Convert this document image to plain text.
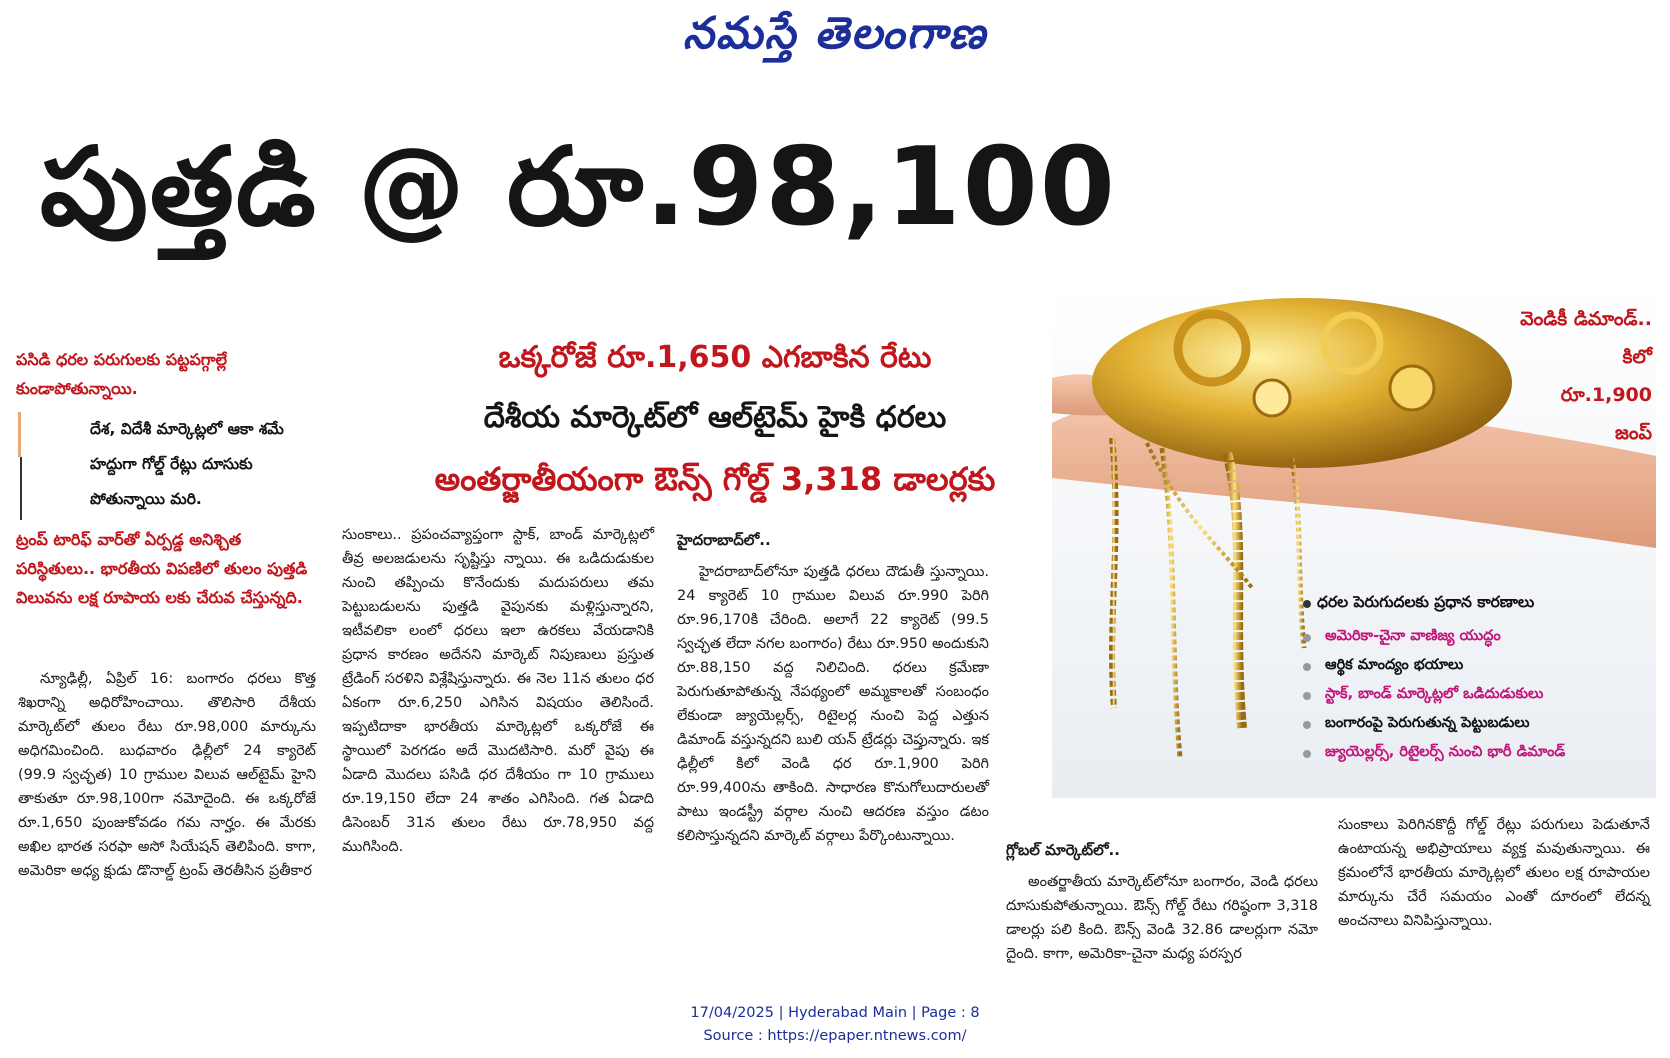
నమస్తే తెలంగాణ
పుత్తడి @ రూ.98,100
ఒక్కరోజే రూ.1,650 ఎగబాకిన రేటు
దేశీయ మార్కెట్‌లో ఆల్‌టైమ్ హైకి ధరలు
అంతర్జాతీయంగా ఔన్స్ గోల్డ్ 3,318 డాలర్లకు
పసిడి ధరల పరుగులకు పట్టపగ్గాల్లే కుండాపోతున్నాయి.
దేశ, విదేశీ మార్కెట్లలో ఆకా శమే హద్దుగా గోల్డ్ రేట్లు దూసుకు పోతున్నాయి మరి.
ట్రంప్ టారిఫ్ వార్‌తో ఏర్పడ్డ అనిశ్చిత పరిస్థితులు.. భారతీయ విపణిలో తులం పుత్తడి విలువను లక్ష రూపాయ లకు చేరువ చేస్తున్నది.

న్యూఢిల్లీ, ఏప్రిల్ 16: బంగారం ధరలు కొత్త శిఖరాన్ని అధిరోహించాయి. తొలిసారి దేశీయ మార్కెట్‌లో తులం రేటు రూ.98,000 మార్కును అధిగమించింది. బుధవారం ఢిల్లీలో 24 క్యారెట్ (99.9 స్వచ్ఛత) 10 గ్రాముల విలువ ఆల్‌టైమ్ హైని తాకుతూ రూ.98,100గా నమోదైంది. ఈ ఒక్కరోజే రూ.1,650 పుంజుకోవడం గమ నార్హం. ఈ మేరకు అఖిల భారత సరఫా అసో సియేషన్ తెలిపింది. కాగా, అమెరికా అధ్య క్షుడు డొనాల్డ్ ట్రంప్ తెరతీసిన ప్రతీకార

సుంకాలు.. ప్రపంచవ్యాప్తంగా స్టాక్, బాండ్ మార్కెట్లలో తీవ్ర అలజడులను సృష్టిస్తు న్నాయి. ఈ ఒడిదుడుకుల నుంచి తప్పించు కొనేందుకు మదుపరులు తమ పెట్టుబడులను పుత్తడి వైపునకు మళ్లిస్తున్నారని, ఇటీవలికా లంలో ధరలు ఇలా ఉరకలు వేయడానికి ప్రధాన కారణం అదేనని మార్కెట్ నిపుణులు ప్రస్తుత ట్రేడింగ్ సరళిని విశ్లేషిస్తున్నారు. ఈ నెల 11న తులం ధర ఏకంగా రూ.6,250 ఎగిసిన విషయం తెలిసిందే. ఇప్పటిదాకా భారతీయ మార్కెట్లలో ఒక్కరోజే ఈ స్థాయిలో పెరగడం అదే మొదటిసారి. మరో వైపు ఈ ఏడాది మొదలు పసిడి ధర దేశీయం గా 10 గ్రాములు రూ.19,150 లేదా 24 శాతం ఎగిసింది. గత ఏడాది డిసెంబర్ 31న తులం రేటు రూ.78,950 వద్ద ముగిసింది.

హైదరాబాద్‌లో..

హైదరాబాద్‌లోనూ పుత్తడి ధరలు దౌడుతీ స్తున్నాయి. 24 క్యారెట్ 10 గ్రాముల విలువ రూ.990 పెరిగి రూ.96,170కి చేరింది. అలాగే 22 క్యారెట్ (99.5 స్వచ్ఛత లేదా నగల బంగారం) రేటు రూ.950 అందుకుని రూ.88,150 వద్ద నిలిచింది. ధరలు క్రమేణా పెరుగుతూపోతున్న నేపథ్యంలో అమ్మకాలతో సంబంధం లేకుండా జ్యుయెల్లర్స్, రిటైలర్ల నుంచి పెద్ద ఎత్తున డిమాండ్ వస్తున్నదని బులి యన్ ట్రేడర్లు చెప్తున్నారు. ఇక ఢిల్లీలో కిలో వెండి ధర రూ.1,900 పెరిగి రూ.99,400ను తాకింది. సాధారణ కొనుగోలుదారులతో పాటు ఇండస్ట్రీ వర్గాల నుంచి ఆదరణ వస్తుం డటం కలిసొస్తున్నదని మార్కెట్ వర్గాలు పేర్కొంటున్నాయి.

వెండికీ డిమాండ్..
కిలో
రూ.1,900
జంప్
ధరల పెరుగుదలకు ప్రధాన కారణాలు
అమెరికా-చైనా వాణిజ్య యుద్ధం
ఆర్థిక మాంద్యం భయాలు
స్టాక్, బాండ్ మార్కెట్లలో ఒడిదుడుకులు
బంగారంపై పెరుగుతున్న పెట్టుబడులు
జ్యుయెల్లర్స్, రిటైలర్స్ నుంచి భారీ డిమాండ్
గ్లోబల్ మార్కెట్‌లో..

అంతర్జాతీయ మార్కెట్‌లోనూ బంగారం, వెండి ధరలు దూసుకుపోతున్నాయి. ఔన్స్ గోల్డ్ రేటు గరిష్ఠంగా 3,318 డాలర్లు పలి కింది. ఔన్స్ వెండి 32.86 డాలర్లుగా నమో దైంది. కాగా, అమెరికా-చైనా మధ్య పరస్పర

సుంకాలు పెరిగినకొద్దీ గోల్డ్ రేట్లు పరుగులు పెడుతూనే ఉంటాయన్న అభిప్రాయాలు వ్యక్త మవుతున్నాయి. ఈ క్రమంలోనే భారతీయ మార్కెట్లలో తులం లక్ష రూపాయల మార్కును చేరే సమయం ఎంతో దూరంలో లేదన్న అంచనాలు వినిపిస్తున్నాయి.

17/04/2025 | Hyderabad Main | Page : 8
Source : https://epaper.ntnews.com/
